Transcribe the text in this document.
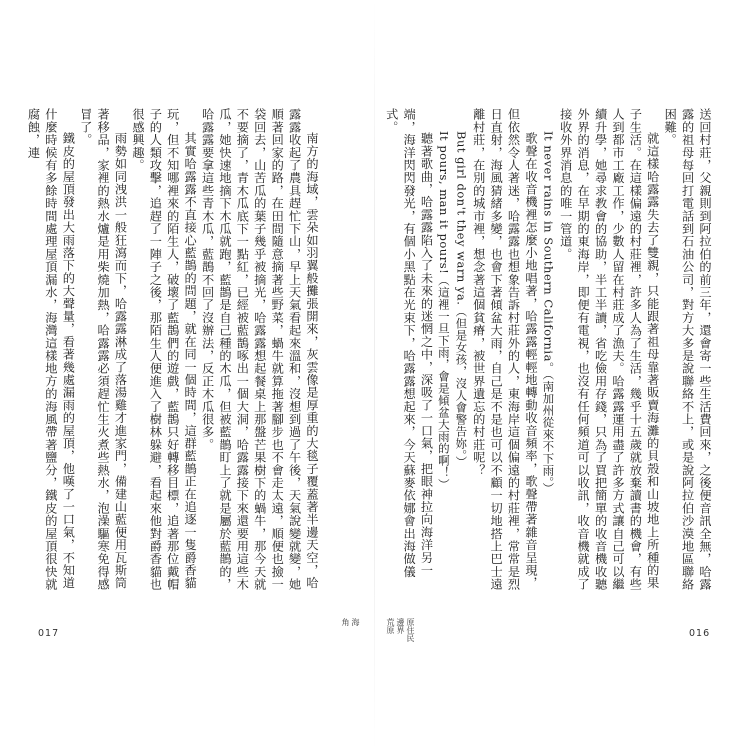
南方的海域，雲朵如羽翼般攤張開來，灰雲像是厚重的大毯子覆蓋著半邊天空，哈露露收起了農具趕忙下山，早上天氣看起來溫和，沒想到過了午後，天氣說變就變，她順著回家的路，在田間隨意摘著些野菜，蝸牛就算拖著腳步也不會走太遠，順便也撿一袋回去，山苦瓜的葉子幾乎被摘光，哈露露想起餐桌上那盤芒果樹下的蝸牛，那今天就不要摘了，青木瓜底下一點紅，已經被藍鵲啄出一個大洞，哈露露接下來還要用這些木瓜，她快速地摘下木瓜就跑，藍鵲是自己種的木瓜，但被藍鵲盯上了就是屬於藍鵲的，哈露露要拿這些青木瓜，藍鵲不回了沒辦法，反正木瓜很多。

其實哈露露不直接心藍鵲的問題，就在同一個時間，這群藍鵲正在追逐一隻爵香貓玩，但不知哪裡來的陌生人，破壞了藍鵲們的遊戲，藍鵲只好轉移目標，追著那位戴帽子的人類攻擊，追趕了一陣子之後，那陌生人便進入了樹林躲避，看起來他對爵香貓也很感興趣。

雨勢如同洩洪一般狂瀉而下，哈露露淋成了落湯雞才進家門，備建山藍便用瓦斯筒著移品，家裡的熱水爐是用柴燒加熱，哈露露必須趕忙生火煮些熱水，泡澡驅寒免得感冒了。

鐵皮的屋頂發出大雨落下的大聲量，看著幾處漏雨的屋頂，他嘆了一口氣，不知道什麼時候有多餘時間處理屋頂漏水，海灣這樣地方的海風帶著鹽分，鐵皮的屋頂很快就腐蝕，連

海
角
017

送回村莊，父親則到阿拉伯的前三年，還會寄一些生活費回來，之後便音訊全無，哈露露的祖母每回打電話到石油公司，對方大多是說聯絡不上，或是說阿拉伯沙漠地區聯絡困難。

就這樣哈露露失去了雙親，只能跟著祖母靠著販賣海灘的貝殼和山坡地上所種的果子生活。在這樣偏遠的村莊裡，許多人為了生活，幾乎十五歲就放棄讀書的機會，有些人到都市工廠工作，少數人留在村莊成了漁夫。哈露露運用盡了許多方式讓自己可以繼續升學，她尋求教會的協助，半工半讀，省吃儉用存錢，只為了買把簡單的收音機收聽外界的消息，在早期的東海岸，即便有電視，也沒有任何頻道可以收訊，收音機就成了接收外界消息的唯一管道。

It never rains in Southern California。（南加州從來不下雨。）

歌聲在收音機裡怎麼小地唱著，哈露露輕輕地轉動收音頻率，歌聲帶著雜音呈現，但依然令人著迷，哈露露也想象告訴村莊外的人，東海岸這個偏遠的村莊裡，常常是烈日直射，海風猜緒多變，也會下著傾盆大雨，自己是不是也可以不顧一切地搭上巴士遠離村莊，在別的城市裡，想念著這個貧瘠，被世界遺忘的村莊呢？

But girl don't they warn ya.（但是女孩，沒人會警告妳。）

It pours, man it pours!（這裡一旦下雨，會是傾盆大雨的啊！）

聽著歌曲，哈露露陷入了未來的迷惘之中，深吸了一口氣，把眼神拉向海洋另一端，海洋閃閃發光，有個小黑點在光束下，哈露露想起來，今天蘇麥依娜會出海做儀式。

原住民
邊界
荒原	016
